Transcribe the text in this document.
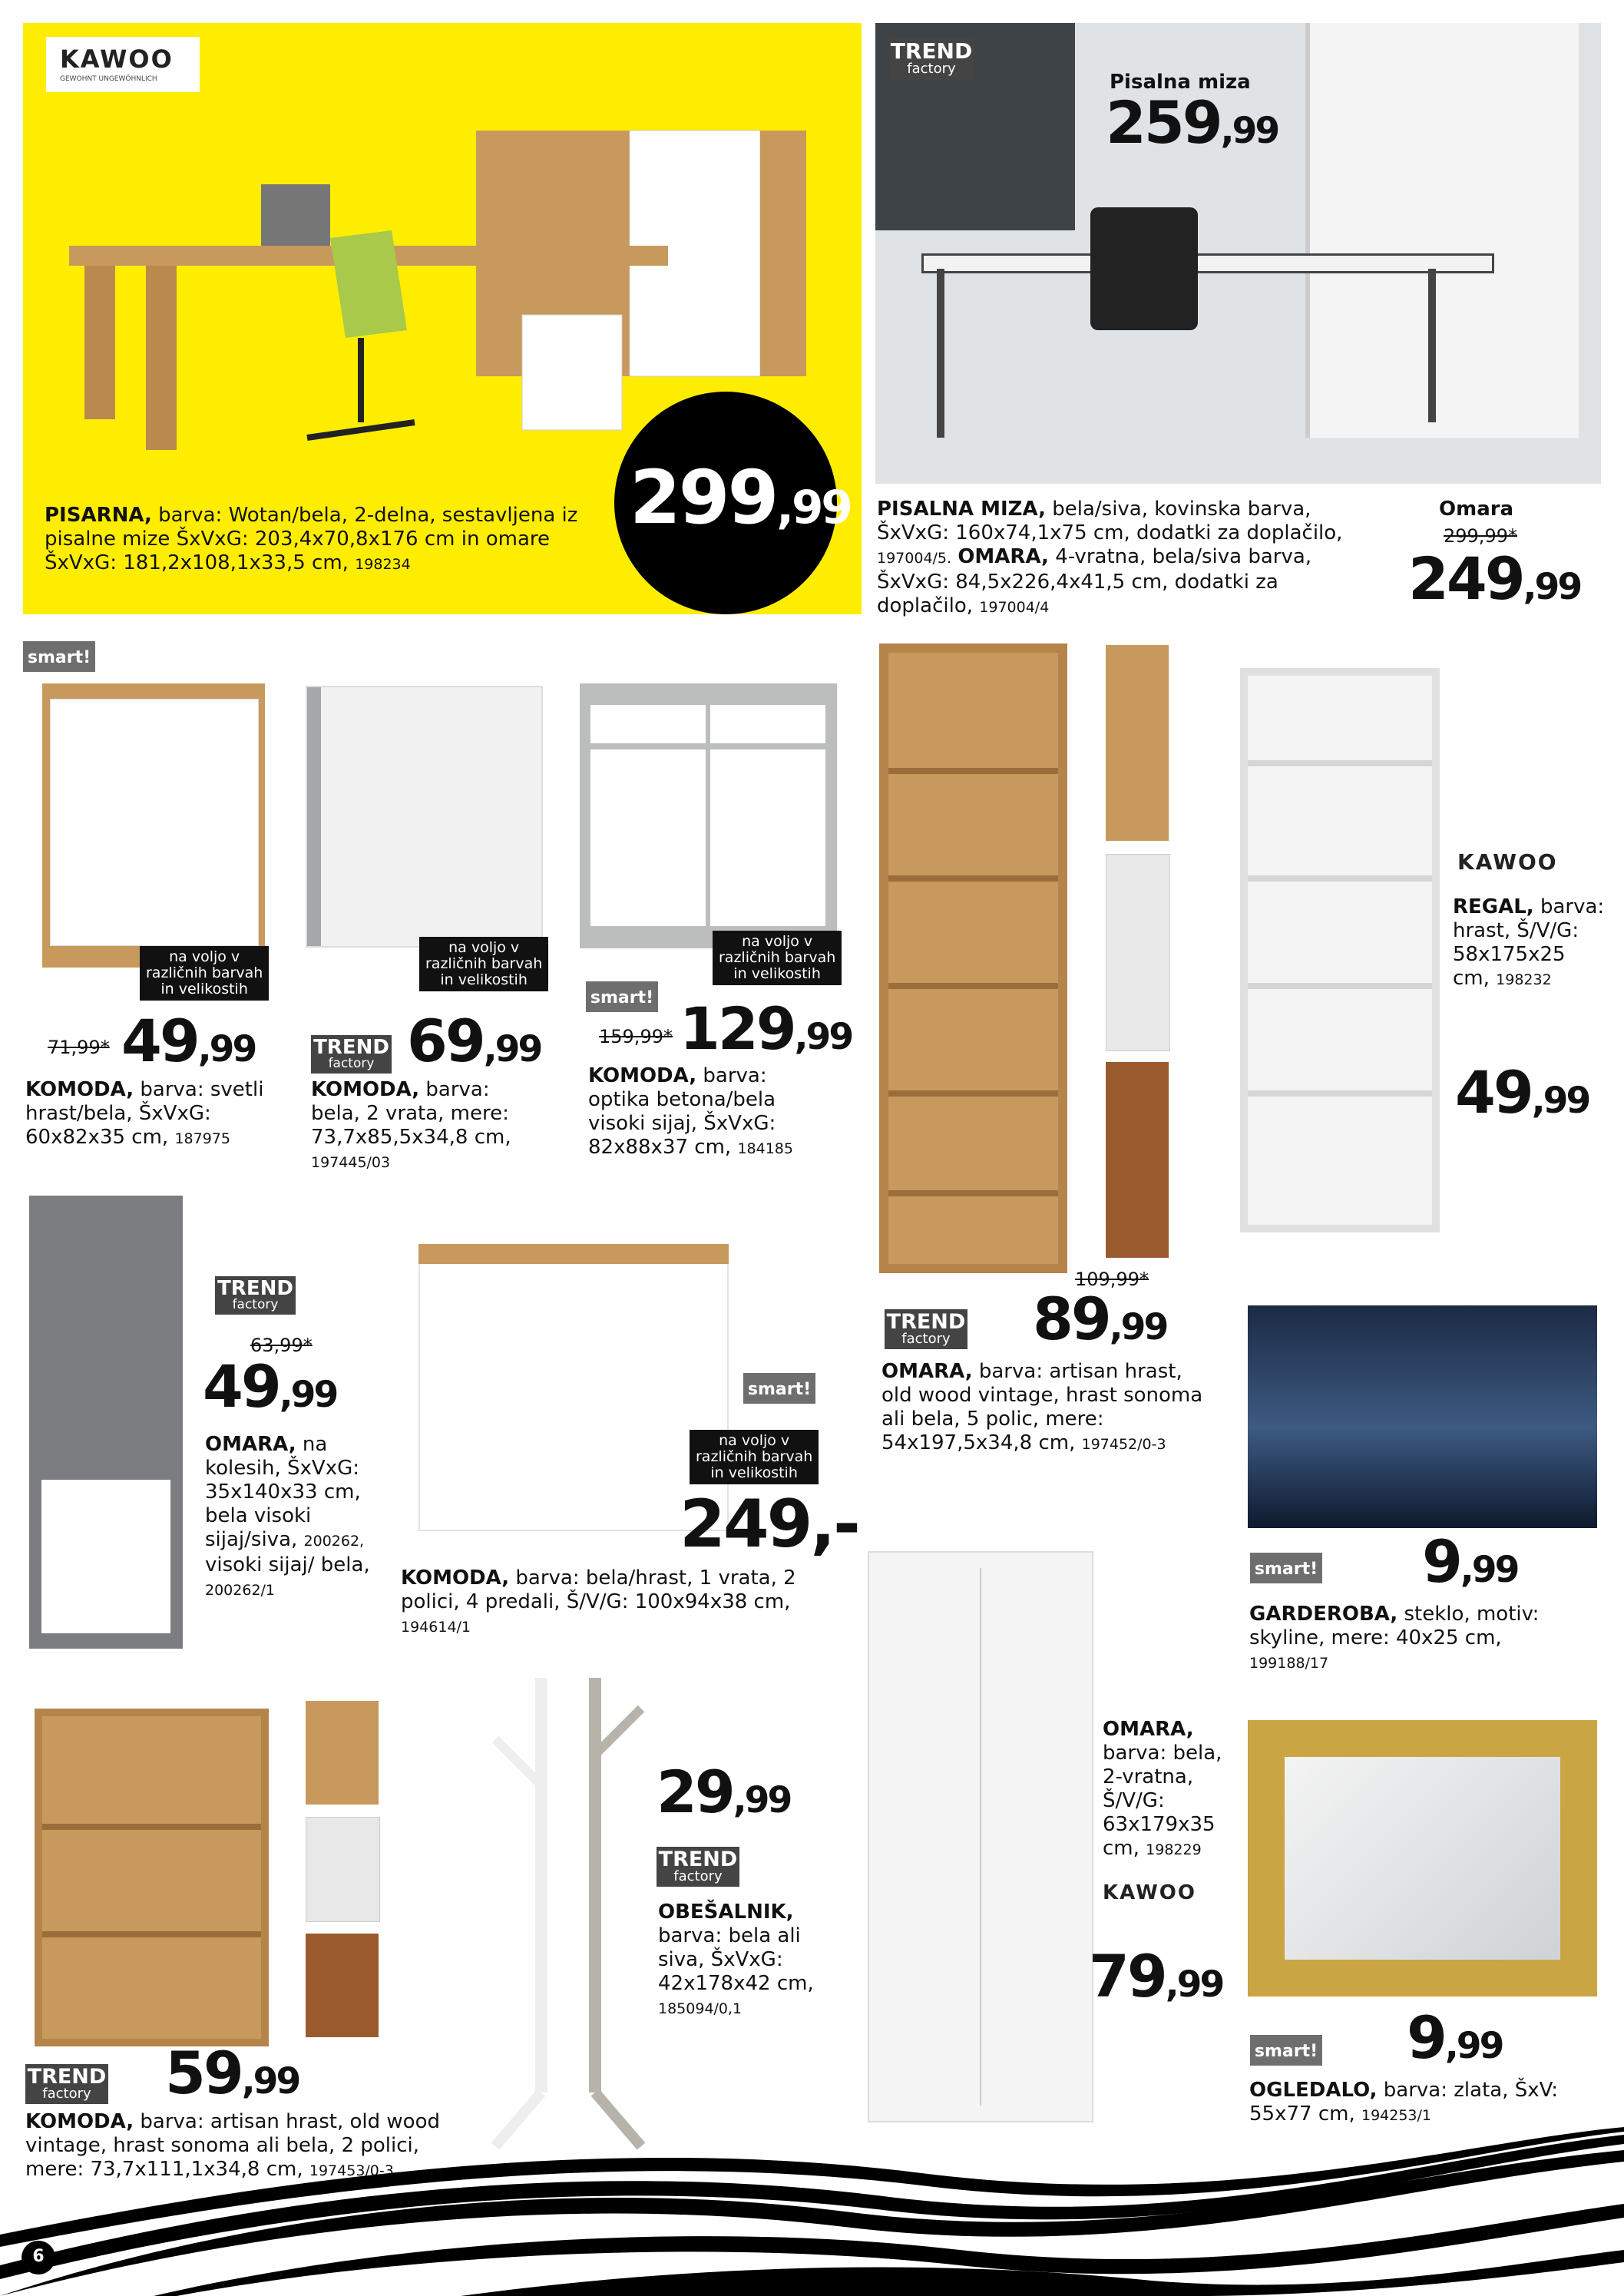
KAWOO
GEWOHNT UNGEWÖHNLICH
299,99
PISARNA, barva: Wotan/bela, 2-delna, sestavljena iz pisalne mize ŠxVxG: 203,4x70,8x176 cm in omare ŠxVxG: 181,2x108,1x33,5 cm, 198234
TREND
factory
Pisalna miza
259,99
PISALNA MIZA, bela/siva, kovinska barva, ŠxVxG: 160x74,1x75 cm, dodatki za doplačilo, 197004/5. OMARA, 4-vratna, bela/siva barva, ŠxVxG: 84,5x226,4x41,5 cm, dodatki za doplačilo, 197004/4
Omara
299,99*
249,99
smart!
na voljo v
različnih barvah
in velikostih
71,99* 49,99
KOMODA, barva: svetli hrast/bela, ŠxVxG: 60x82x35 cm, 187975
na voljo v
različnih barvah
in velikostih
TREND
factory 69,99
KOMODA, barva: bela, 2 vrata, mere: 73,7x85,5x34,8 cm, 197445/03
na voljo v
različnih barvah
in velikostih
smart!
159,99* 129,99
KOMODA, barva: optika betona/bela visoki sijaj, ŠxVxG: 82x88x37 cm, 184185
109,99*
TREND
factory 89,99
OMARA, barva: artisan hrast, old wood vintage, hrast sonoma ali bela, 5 polic, mere: 54x197,5x34,8 cm, 197452/0-3
KAWOO
REGAL, barva: hrast, Š/V/G: 58x175x25 cm, 198232
49,99
TREND
factory
63,99*
49,99
OMARA, na kolesih, ŠxVxG: 35x140x33 cm, bela visoki sijaj/siva, 200262, visoki sijaj/ bela, 200262/1
smart!
na voljo v
različnih barvah
in velikostih
249,-
KOMODA, barva: bela/hrast, 1 vrata, 2 polici, 4 predali, Š/V/G: 100x94x38 cm, 194614/1
smart! 9,99
GARDEROBA, steklo, motiv: skyline, mere: 40x25 cm, 199188/17
29,99
TREND
factory
OBEŠALNIK, barva: bela ali siva, ŠxVxG: 42x178x42 cm, 185094/0,1
OMARA, barva: bela, 2-vratna, Š/V/G: 63x179x35 cm, 198229
KAWOO
79,99
TREND
factory 59,99
KOMODA, barva: artisan hrast, old wood vintage, hrast sonoma ali bela, 2 polici, mere: 73,7x111,1x34,8 cm, 197453/0-3
smart! 9,99
OGLEDALO, barva: zlata, ŠxV: 55x77 cm, 194253/1
6
